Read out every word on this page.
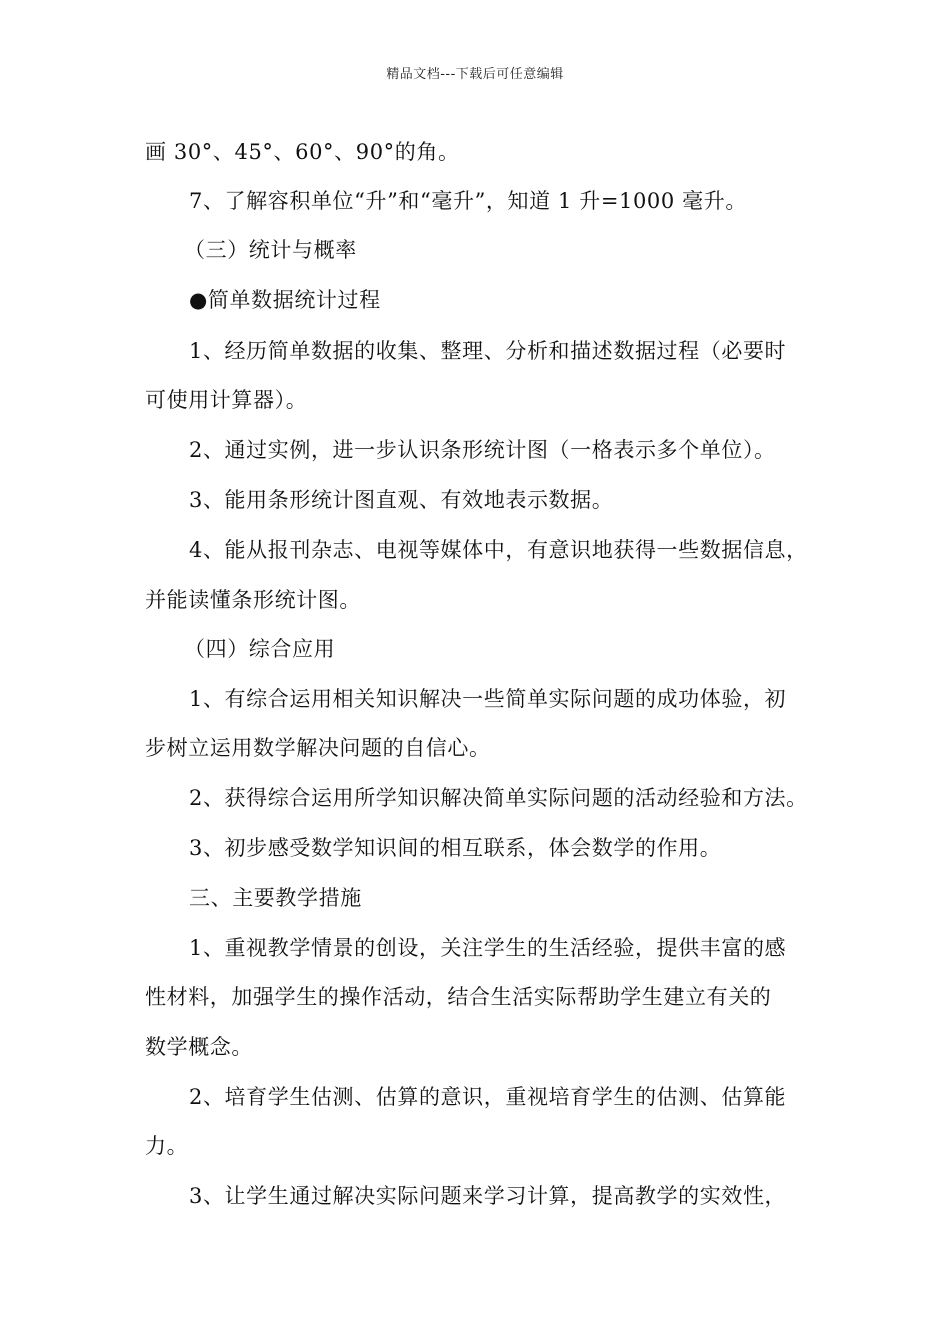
精品文档---下载后可任意编辑
画 30°、45°、60°、90°的角。
7、了解容积单位“升”和“毫升”，知道 1 升=1000 毫升。
（三）统计与概率
●简单数据统计过程
1、经历简单数据的收集、整理、分析和描述数据过程（必要时
可使用计算器）。
2、通过实例，进一步认识条形统计图（一格表示多个单位）。
3、能用条形统计图直观、有效地表示数据。
4、能从报刊杂志、电视等媒体中，有意识地获得一些数据信息，
并能读懂条形统计图。
（四）综合应用
1、有综合运用相关知识解决一些简单实际问题的成功体验，初
步树立运用数学解决问题的自信心。
2、获得综合运用所学知识解决简单实际问题的活动经验和方法。
3、初步感受数学知识间的相互联系，体会数学的作用。
三、主要教学措施
1、重视教学情景的创设，关注学生的生活经验，提供丰富的感
性材料，加强学生的操作活动，结合生活实际帮助学生建立有关的
数学概念。
2、培育学生估测、估算的意识，重视培育学生的估测、估算能
力。
3、让学生通过解决实际问题来学习计算，提高教学的实效性，
